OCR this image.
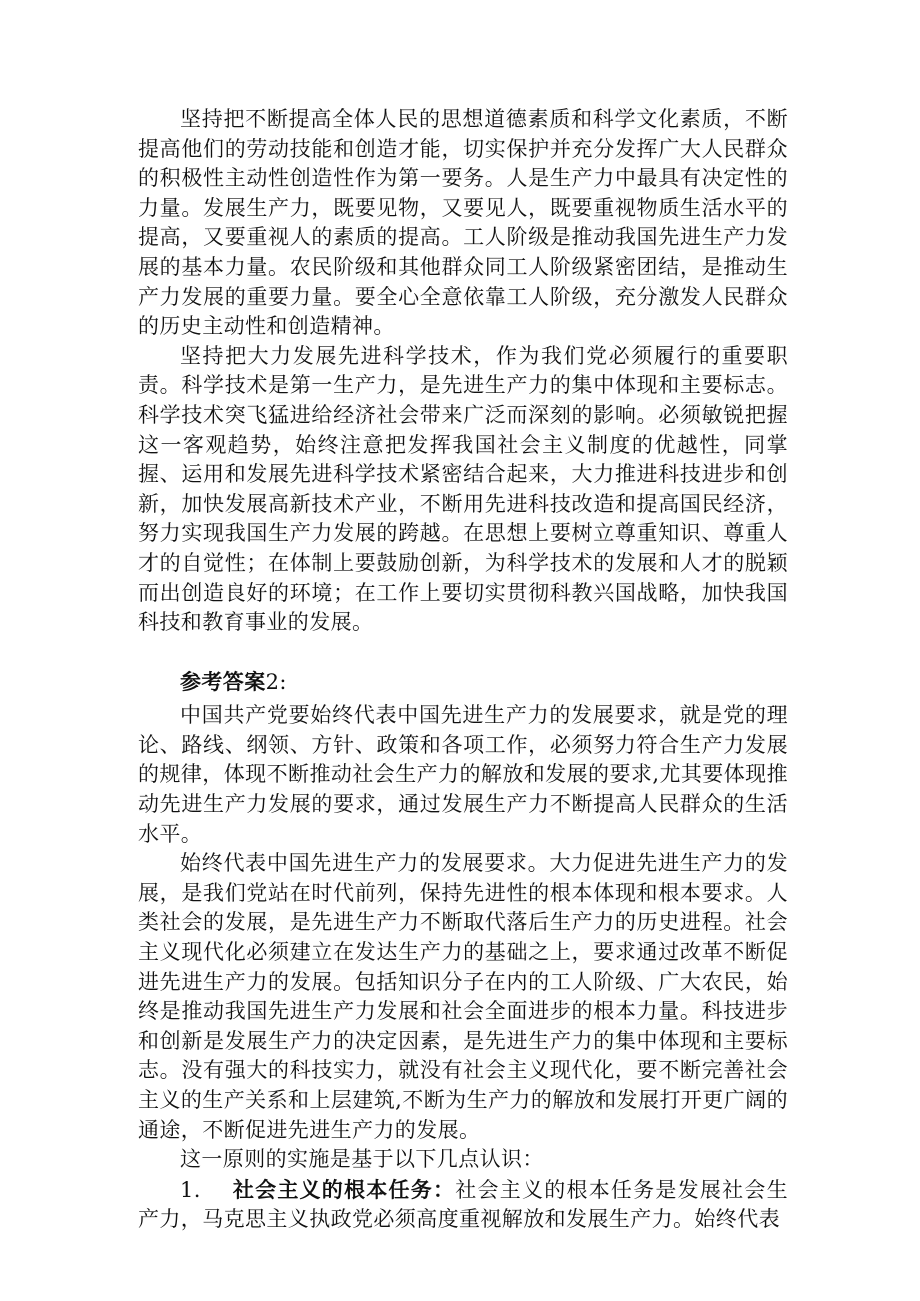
坚持把不断提高全体人民的思想道德素质和科学文化素质，不断提高他们的劳动技能和创造才能，切实保护并充分发挥广大人民群众的积极性主动性创造性作为第一要务。人是生产力中最具有决定性的力量。发展生产力，既要见物，又要见人，既要重视物质生活水平的提高，又要重视人的素质的提高。工人阶级是推动我国先进生产力发展的基本力量。农民阶级和其他群众同工人阶级紧密团结，是推动生产力发展的重要力量。要全心全意依靠工人阶级，充分激发人民群众的历史主动性和创造精神。

坚持把大力发展先进科学技术，作为我们党必须履行的重要职责。科学技术是第一生产力，是先进生产力的集中体现和主要标志。科学技术突飞猛进给经济社会带来广泛而深刻的影响。必须敏锐把握这一客观趋势，始终注意把发挥我国社会主义制度的优越性，同掌握、运用和发展先进科学技术紧密结合起来，大力推进科技进步和创新，加快发展高新技术产业，不断用先进科技改造和提高国民经济，努力实现我国生产力发展的跨越。在思想上要树立尊重知识、尊重人才的自觉性；在体制上要鼓励创新，为科学技术的发展和人才的脱颖而出创造良好的环境；在工作上要切实贯彻科教兴国战略，加快我国科技和教育事业的发展。

参考答案2:

中国共产党要始终代表中国先进生产力的发展要求，就是党的理论、路线、纲领、方针、政策和各项工作，必须努力符合生产力发展的规律，体现不断推动社会生产力的解放和发展的要求,尤其要体现推动先进生产力发展的要求，通过发展生产力不断提高人民群众的生活水平。

始终代表中国先进生产力的发展要求。大力促进先进生产力的发展，是我们党站在时代前列，保持先进性的根本体现和根本要求。人类社会的发展，是先进生产力不断取代落后生产力的历史进程。社会主义现代化必须建立在发达生产力的基础之上，要求通过改革不断促进先进生产力的发展。包括知识分子在内的工人阶级、广大农民，始终是推动我国先进生产力发展和社会全面进步的根本力量。科技进步和创新是发展生产力的决定因素，是先进生产力的集中体现和主要标志。没有强大的科技实力，就没有社会主义现代化，要不断完善社会主义的生产关系和上层建筑,不断为生产力的解放和发展打开更广阔的通途，不断促进先进生产力的发展。

这一原则的实施是基于以下几点认识：

1. 社会主义的根本任务：社会主义的根本任务是发展社会生产力，马克思主义执政党必须高度重视解放和发展生产力。始终代表
